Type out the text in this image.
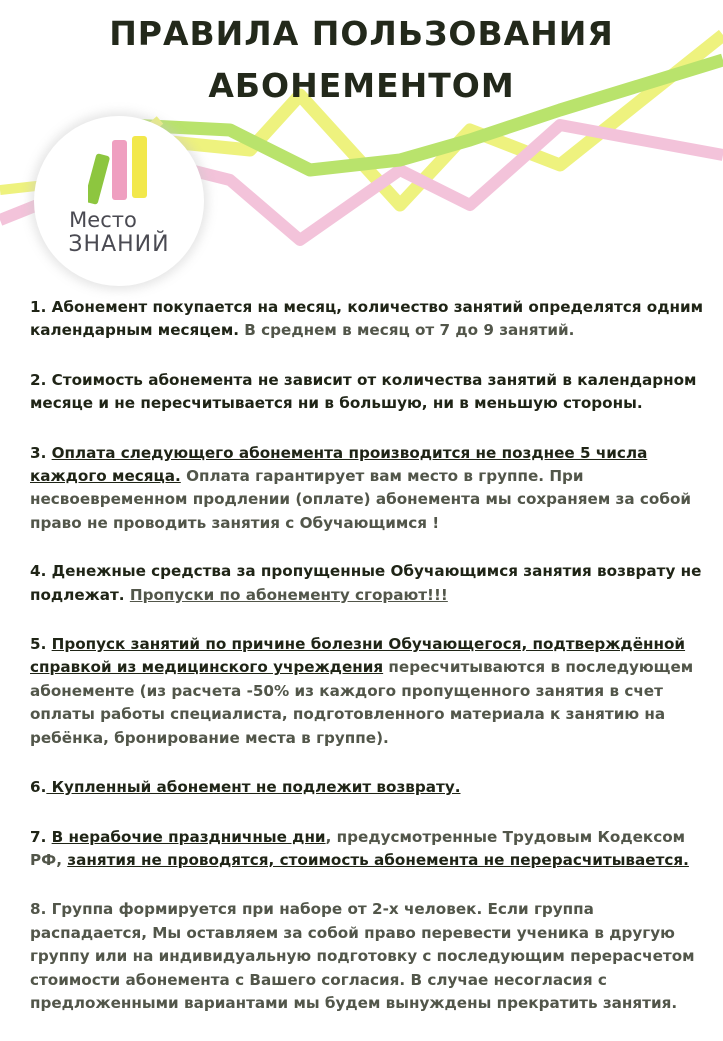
ПРАВИЛА ПОЛЬЗОВАНИЯ
АБОНЕМЕНТОМ
Место
ЗНАНИЙ

1. Абонемент покупается на месяц, количество занятий определятся одним календарным месяцем. В среднем в месяц от 7 до 9 занятий.

2. Стоимость абонемента не зависит от количества занятий в календарном месяце и не пересчитывается ни в большую, ни в меньшую стороны.

3. Оплата следующего абонемента производится не позднее 5 числа каждого месяца. Оплата гарантирует вам место в группе. При несвоевременном продлении (оплате) абонемента мы сохраняем за собой право не проводить занятия с Обучающимся !

4. Денежные средства за пропущенные Обучающимся занятия возврату не подлежат. Пропуски по абонементу сгорают!!!

5. Пропуск занятий по причине болезни Обучающегося, подтверждённой справкой из медицинского учреждения пересчитываются в последующем абонементе (из расчета -50% из каждого пропущенного занятия в счет оплаты работы специалиста, подготовленного материала к занятию на ребёнка, бронирование места в группе).

6. Купленный абонемент не подлежит возврату.

7. В нерабочие праздничные дни, предусмотренные Трудовым Кодексом РФ, занятия не проводятся, стоимость абонемента не перерасчитывается.

8. Группа формируется при наборе от 2-х человек. Если группа распадается, Мы оставляем за собой право перевести ученика в другую группу или на индивидуальную подготовку с последующим перерасчетом стоимости абонемента с Вашего согласия. В случае несогласия с предложенными вариантами мы будем вынуждены прекратить занятия.
